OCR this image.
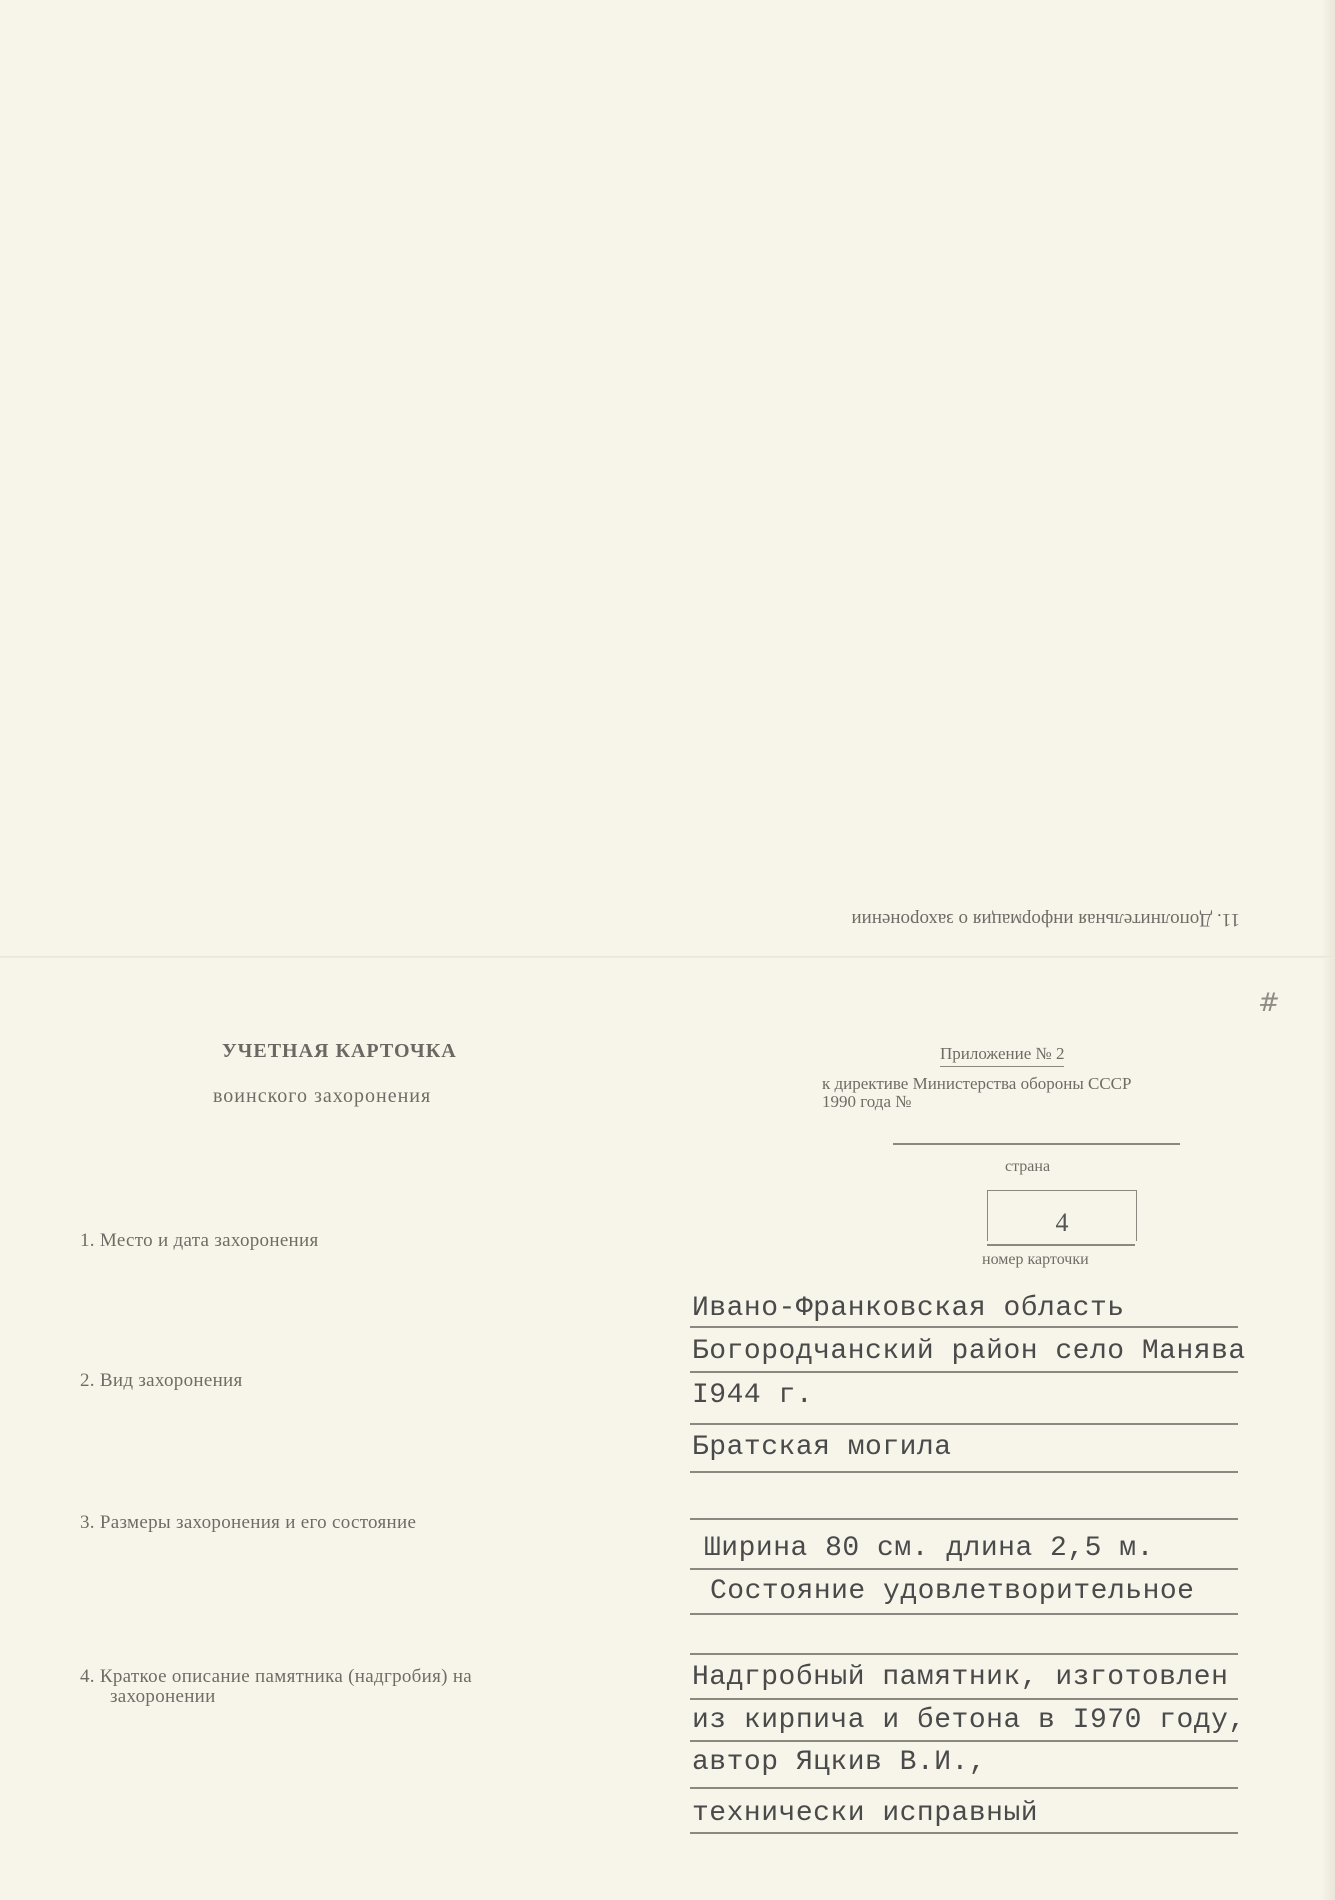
11. Дополнительная информация о захоронении
#
УЧЕТНАЯ КАРТОЧКА
воинского захоронения
Приложение № 2
к директиве Министерства обороны СССР
1990 года №
страна
4
номер карточки
1. Место и дата захоронения
Ивано-Франковская область
Богородчанский район село Манява
I944 г.
2. Вид захоронения
Братская могила
3. Размеры захоронения и его состояние
Ширина 80 см. длина 2,5 м.
Состояние удовлетворительное
4. Краткое описание памятника (надгробия) на
захоронении
Надгробный памятник, изготовлен
из кирпича и бетона в I970 году,
автор Яцкив В.И.,
технически исправный
